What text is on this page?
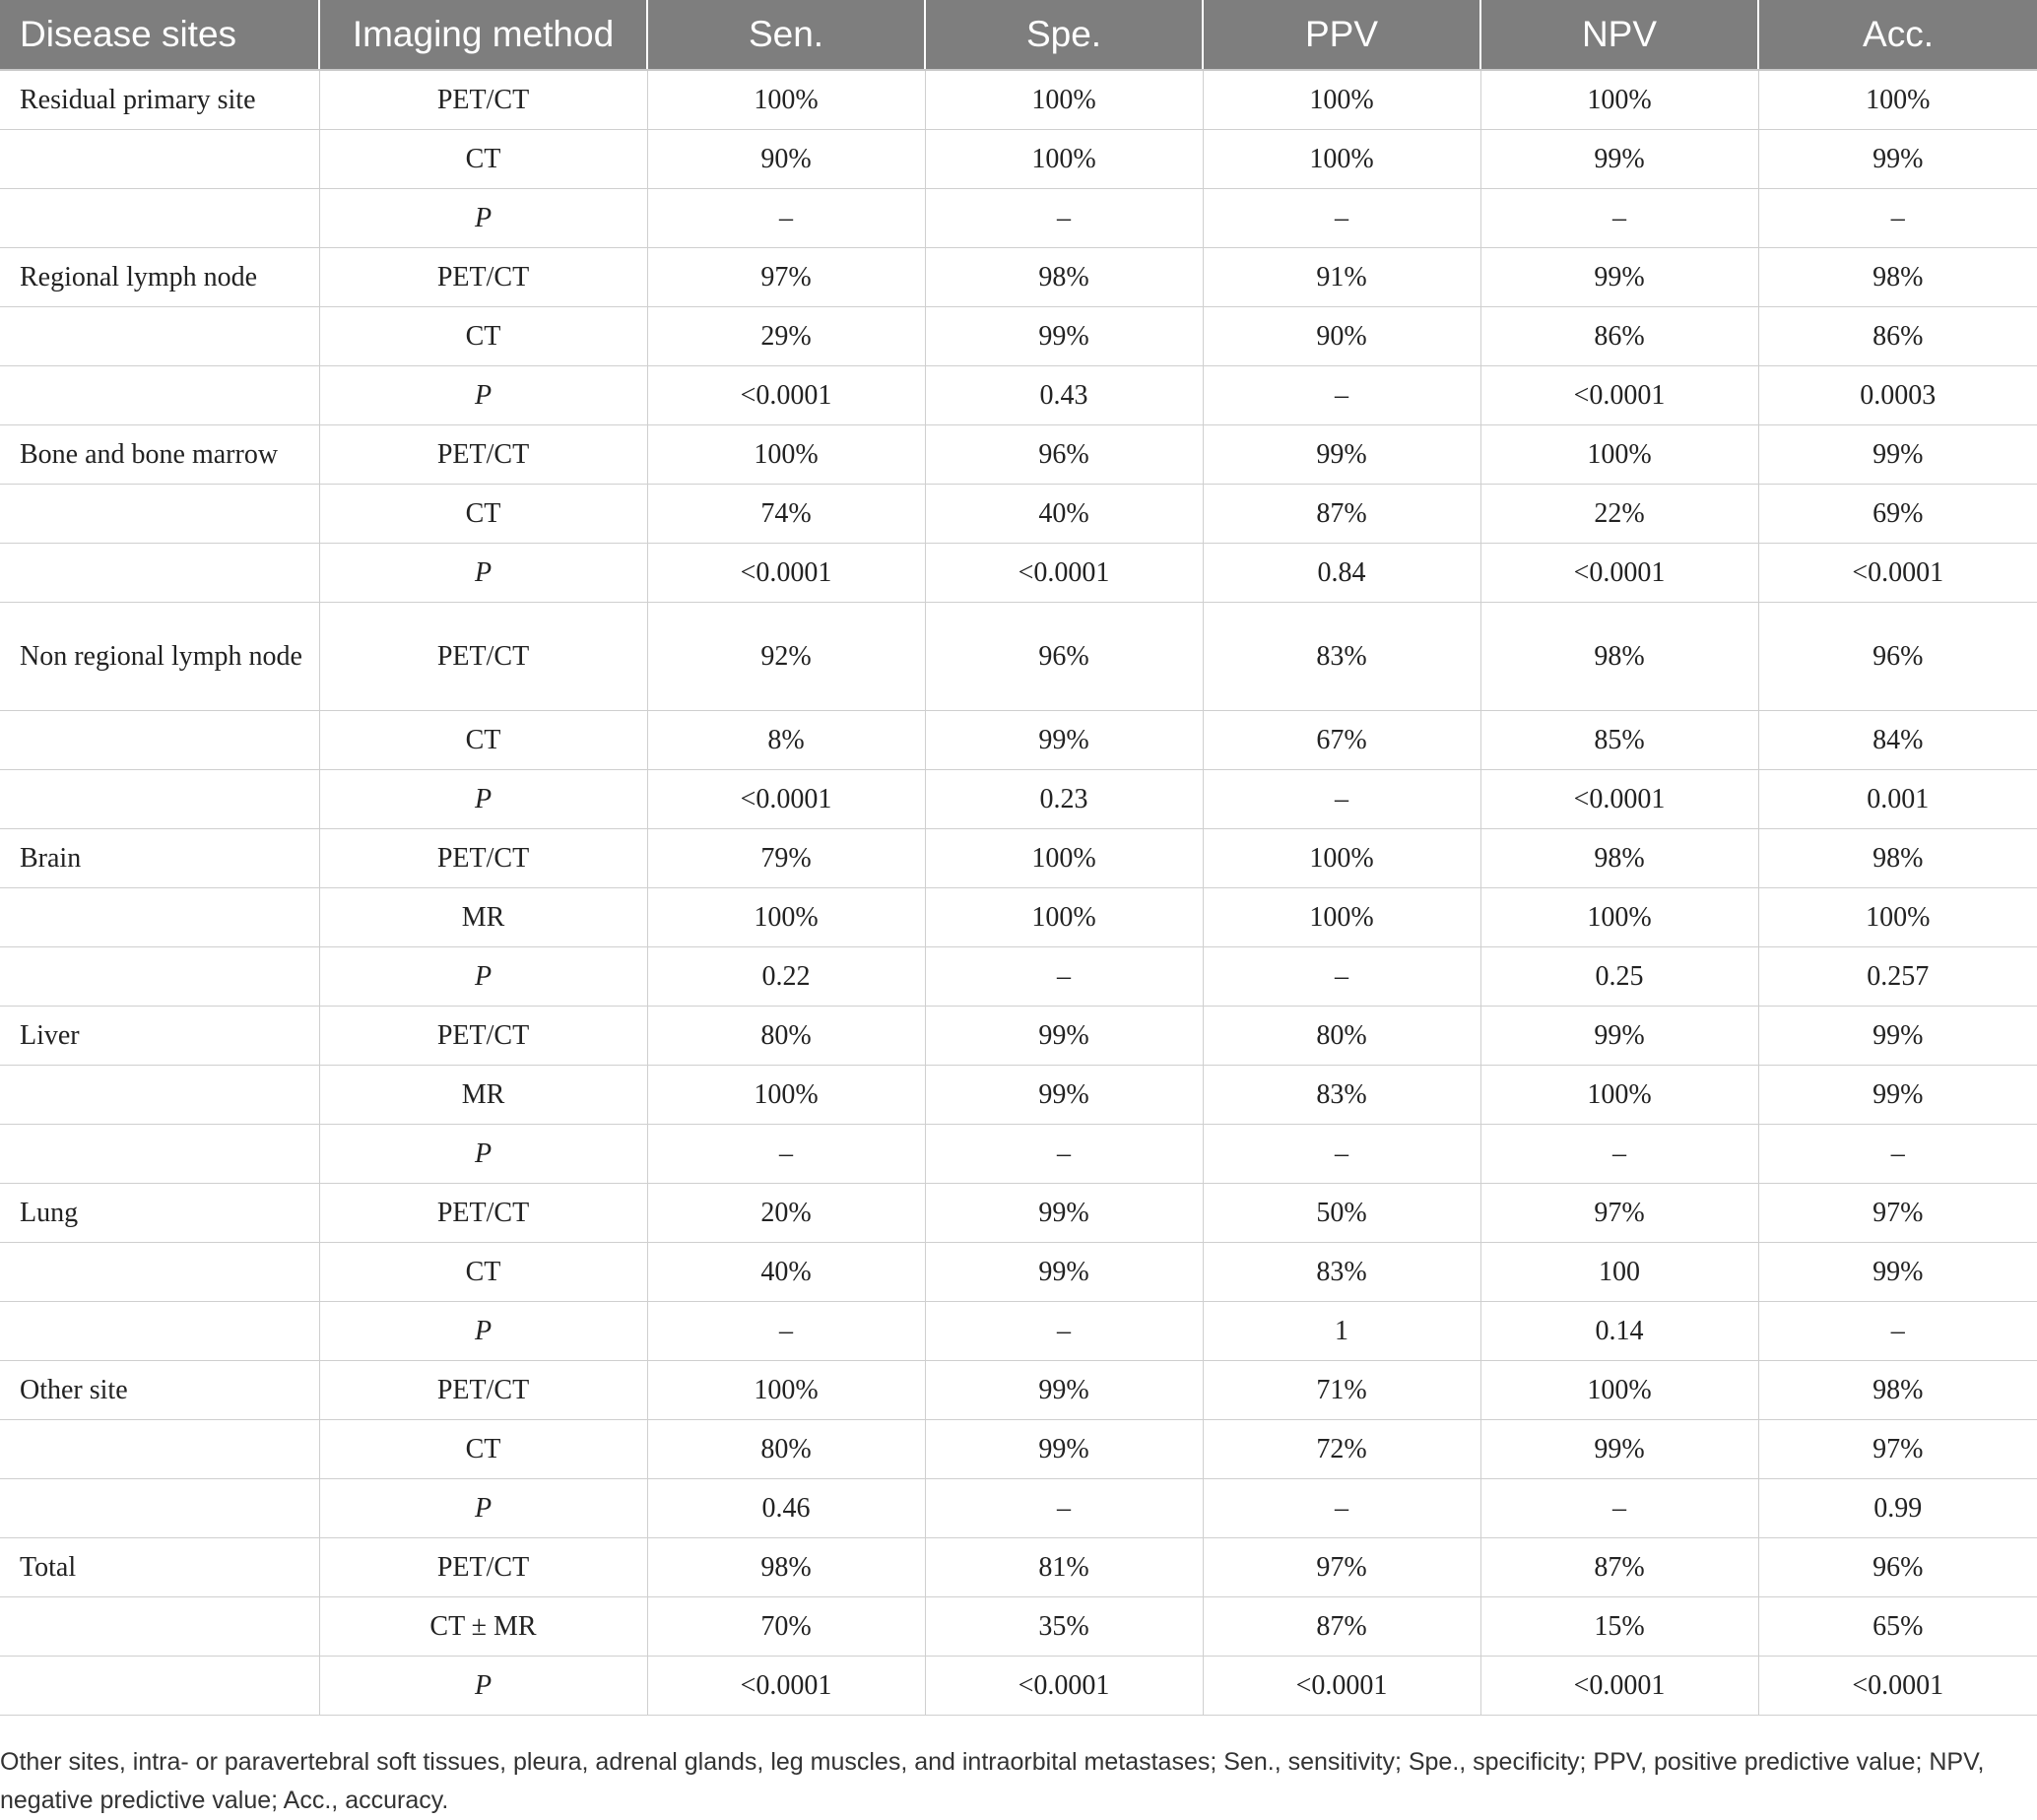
Disease sites	Imaging method	Sen.	Spe.	PPV	NPV	Acc.
Residual primary site	PET/CT	100%	100%	100%	100%	100%
	CT	90%	100%	100%	99%	99%
	P	–	–	–	–	–
Regional lymph node	PET/CT	97%	98%	91%	99%	98%
	CT	29%	99%	90%	86%	86%
	P	<0.0001	0.43	–	<0.0001	0.0003
Bone and bone marrow	PET/CT	100%	96%	99%	100%	99%
	CT	74%	40%	87%	22%	69%
	P	<0.0001	<0.0001	0.84	<0.0001	<0.0001
Non regional lymph node	PET/CT	92%	96%	83%	98%	96%
	CT	8%	99%	67%	85%	84%
	P	<0.0001	0.23	–	<0.0001	0.001
Brain	PET/CT	79%	100%	100%	98%	98%
	MR	100%	100%	100%	100%	100%
	P	0.22	–	–	0.25	0.257
Liver	PET/CT	80%	99%	80%	99%	99%
	MR	100%	99%	83%	100%	99%
	P	–	–	–	–	–
Lung	PET/CT	20%	99%	50%	97%	97%
	CT	40%	99%	83%	100	99%
	P	–	–	1	0.14	–
Other site	PET/CT	100%	99%	71%	100%	98%
	CT	80%	99%	72%	99%	97%
	P	0.46	–	–	–	0.99
Total	PET/CT	98%	81%	97%	87%	96%
	CT ± MR	70%	35%	87%	15%	65%
	P	<0.0001	<0.0001	<0.0001	<0.0001	<0.0001
Other sites, intra- or paravertebral soft tissues, pleura, adrenal glands, leg muscles, and intraorbital metastases; Sen., sensitivity; Spe., specificity; PPV, positive predictive value; NPV, negative predictive value; Acc., accuracy.
